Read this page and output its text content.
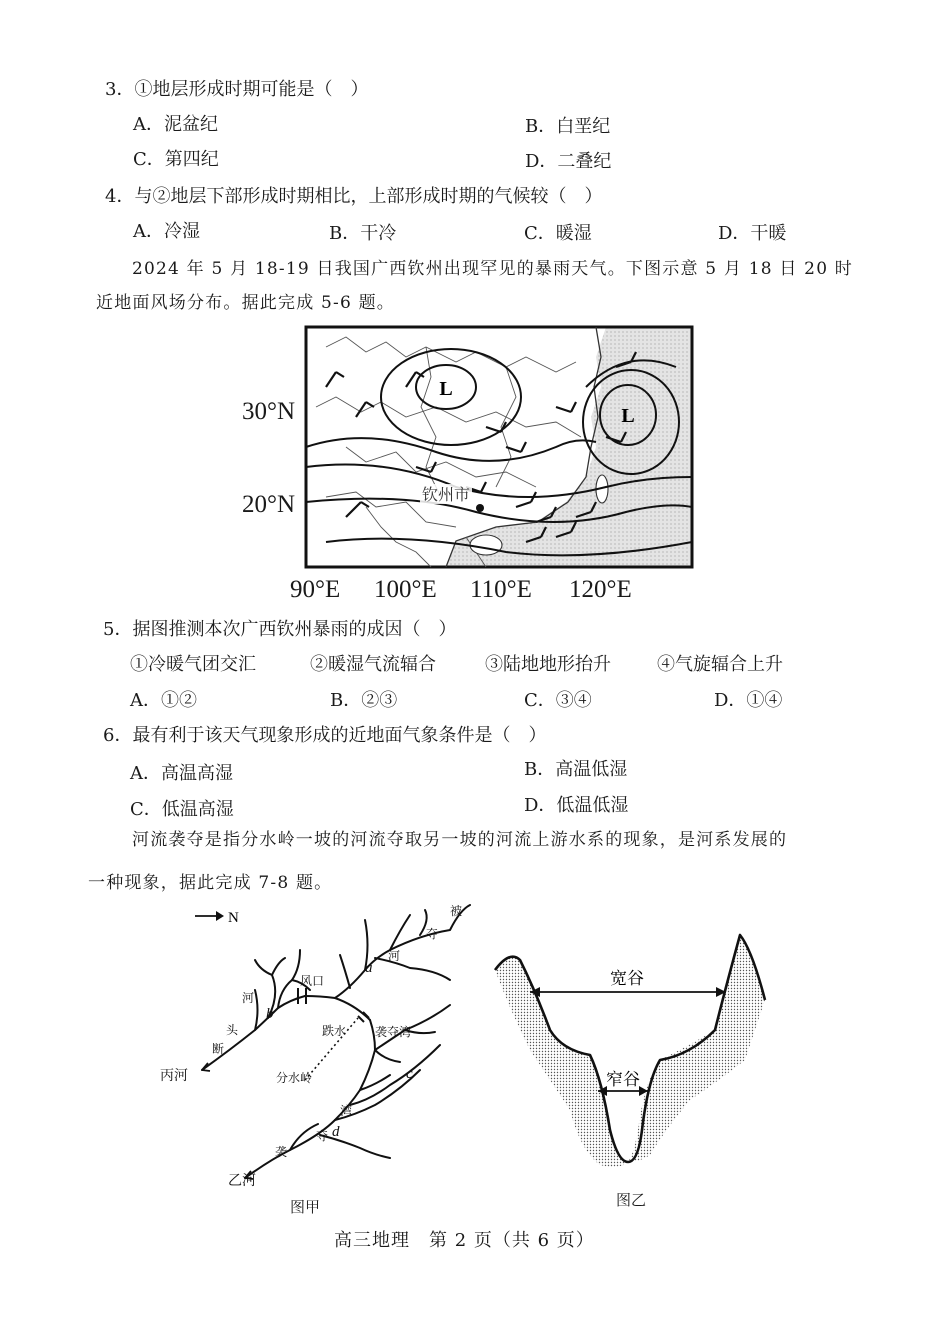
3．①地层形成时期可能是（　）
A．泥盆纪	B．白垩纪
C．第四纪	D．二叠纪
4．与②地层下部形成时期相比，上部形成时期的气候较（　）
A．冷湿	B．干冷	C．暖湿	D．干暖
2024 年 5 月 18-19 日我国广西钦州出现罕见的暴雨天气。下图示意 5 月 18 日 20 时
近地面风场分布。据此完成 5-6 题。
L
L
钦州市
30°N
20°N
90°E 100°E 110°E 120°E
5．据图推测本次广西钦州暴雨的成因（　）
①冷暖气团交汇	②暖湿气流辐合	③陆地地形抬升	④气旋辐合上升
A．①②	B．②③	C．③④	D．①④
6．最有利于该天气现象形成的近地面气象条件是（　）
A．高温高湿	B．高温低湿
C．低温高湿	D．低温低湿
河流袭夺是指分水岭一坡的河流夺取另一坡的河流上游水系的现象，是河系发展的
一种现象，据此完成 7-8 题。
N
风口
跌水 袭夺湾
分水岭
被
夺
河
河
头
断
湾
夺
袭
a
b
c
d
丙河
乙河
图甲
宽谷
窄谷
图乙
高三地理　第 2 页（共 6 页）
